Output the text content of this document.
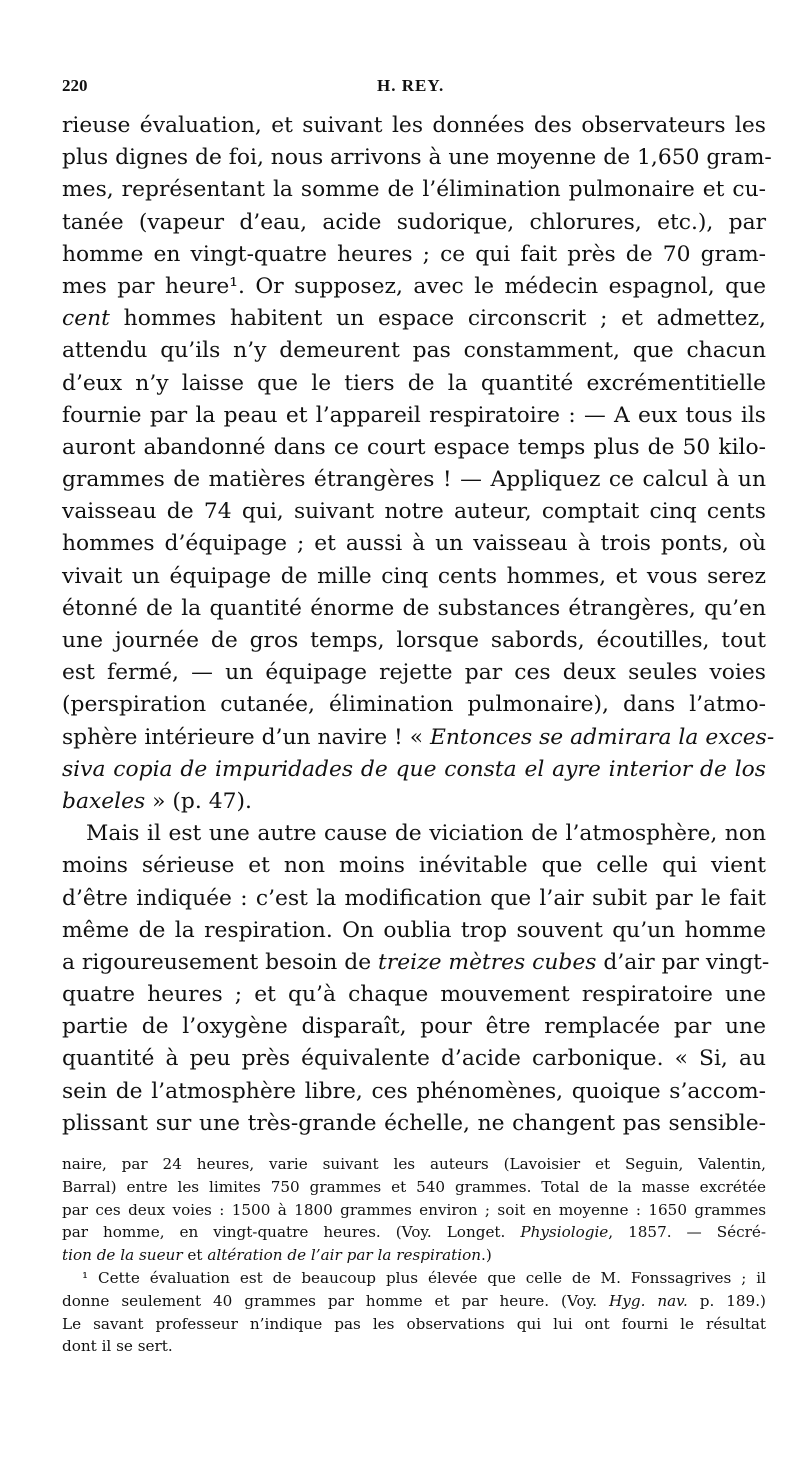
220	H. REY.
rieuse évaluation, et suivant les données des observateurs les
plus dignes de foi, nous arrivons à une moyenne de 1,650 gram-
mes, représentant la somme de l’élimination pulmonaire et cu-
tanée (vapeur d’eau, acide sudorique, chlorures, etc.), par
homme en vingt-quatre heures ; ce qui fait près de 70 gram-
mes par heure¹. Or supposez, avec le médecin espagnol, que
cent hommes habitent un espace circonscrit ; et admettez,
attendu qu’ils n’y demeurent pas constamment, que chacun
d’eux n’y laisse que le tiers de la quantité excrémentitielle
fournie par la peau et l’appareil respiratoire : — A eux tous ils
auront abandonné dans ce court espace temps plus de 50 kilo-
grammes de matières étrangères ! — Appliquez ce calcul à un
vaisseau de 74 qui, suivant notre auteur, comptait cinq cents
hommes d’équipage ; et aussi à un vaisseau à trois ponts, où
vivait un équipage de mille cinq cents hommes, et vous serez
étonné de la quantité énorme de substances étrangères, qu’en
une journée de gros temps, lorsque sabords, écoutilles, tout
est fermé, — un équipage rejette par ces deux seules voies
(perspiration cutanée, élimination pulmonaire), dans l’atmo-
sphère intérieure d’un navire ! « Entonces se admirara la exces-
siva copia de impuridades de que consta el ayre interior de los
baxeles » (p. 47).
Mais il est une autre cause de viciation de l’atmosphère, non
moins sérieuse et non moins inévitable que celle qui vient
d’être indiquée : c’est la modification que l’air subit par le fait
même de la respiration. On oublia trop souvent qu’un homme
a rigoureusement besoin de treize mètres cubes d’air par vingt-
quatre heures ; et qu’à chaque mouvement respiratoire une
partie de l’oxygène disparaît, pour être remplacée par une
quantité à peu près équivalente d’acide carbonique. « Si, au
sein de l’atmosphère libre, ces phénomènes, quoique s’accom-
plissant sur une très-grande échelle, ne changent pas sensible-
naire, par 24 heures, varie suivant les auteurs (Lavoisier et Seguin, Valentin,
Barral) entre les limites 750 grammes et 540 grammes. Total de la masse excrétée
par ces deux voies : 1500 à 1800 grammes environ ; soit en moyenne : 1650 grammes
par homme, en vingt-quatre heures. (Voy. Longet. Physiologie, 1857. — Sécré-
tion de la sueur et altération de l’air par la respiration.)
¹ Cette évaluation est de beaucoup plus élevée que celle de M. Fonssagrives ; il
donne seulement 40 grammes par homme et par heure. (Voy. Hyg. nav. p. 189.)
Le savant professeur n’indique pas les observations qui lui ont fourni le résultat
dont il se sert.
